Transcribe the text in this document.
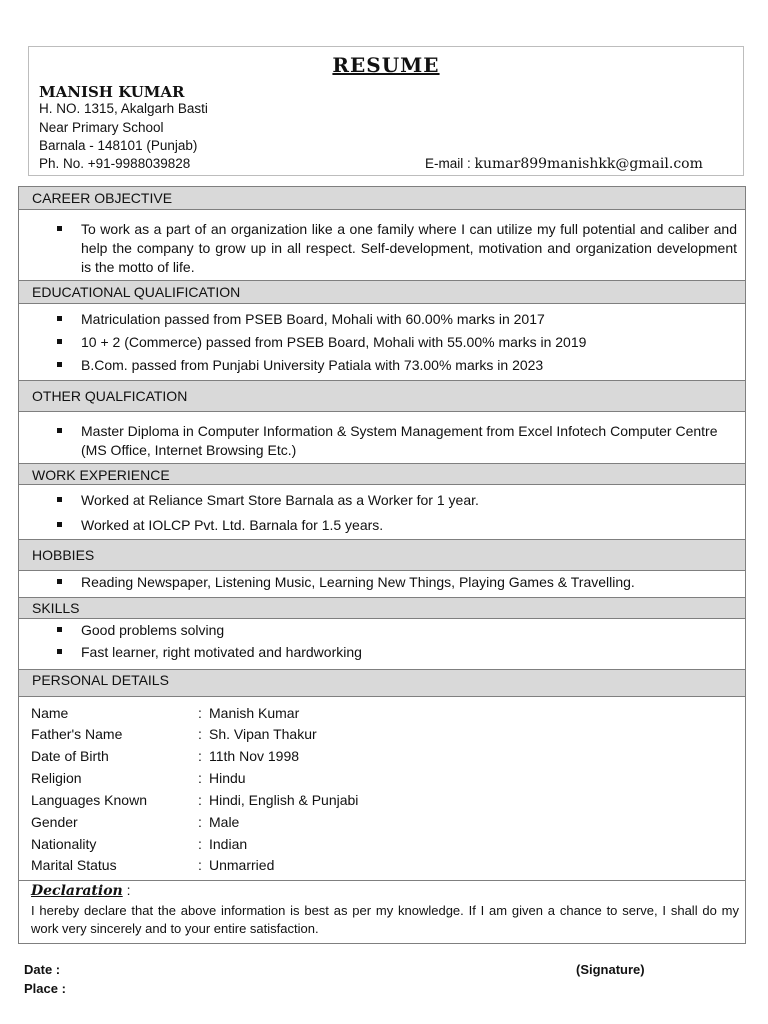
RESUME
MANISH KUMAR
H. NO. 1315, Akalgarh Basti
Near Primary School
Barnala - 148101 (Punjab)
Ph. No. +91-9988039828	E-mail : kumar899manishkk@gmail.com
CAREER OBJECTIVE
To work as a part of an organization like a one family where I can utilize my full potential and caliber and help the company to grow up in all respect. Self-development, motivation and organization development is the motto of life.
EDUCATIONAL QUALIFICATION
Matriculation passed from PSEB Board, Mohali with 60.00% marks in 2017
10 + 2 (Commerce) passed from PSEB Board, Mohali with 55.00% marks in 2019
B.Com. passed from Punjabi University Patiala with 73.00% marks in 2023
OTHER QUALFICATION
Master Diploma in Computer Information & System Management from Excel Infotech Computer Centre (MS Office, Internet Browsing Etc.)
WORK EXPERIENCE
Worked at Reliance Smart Store Barnala as a Worker for 1 year.
Worked at IOLCP Pvt. Ltd. Barnala for 1.5 years.
HOBBIES
Reading Newspaper, Listening Music, Learning New Things, Playing Games & Travelling.
SKILLS
Good problems solving
Fast learner, right motivated and hardworking
PERSONAL DETAILS
Name	: Manish Kumar
Father's Name	: Sh. Vipan Thakur
Date of Birth	: 11th Nov 1998
Religion	: Hindu
Languages Known	: Hindi, English & Punjabi
Gender	: Male
Nationality	: Indian
Marital Status	: Unmarried
Declaration :
I hereby declare that the above information is best as per my knowledge. If I am given a chance to serve, I shall do my work very sincerely and to your entire satisfaction.
Date :
Place :
(Signature)
